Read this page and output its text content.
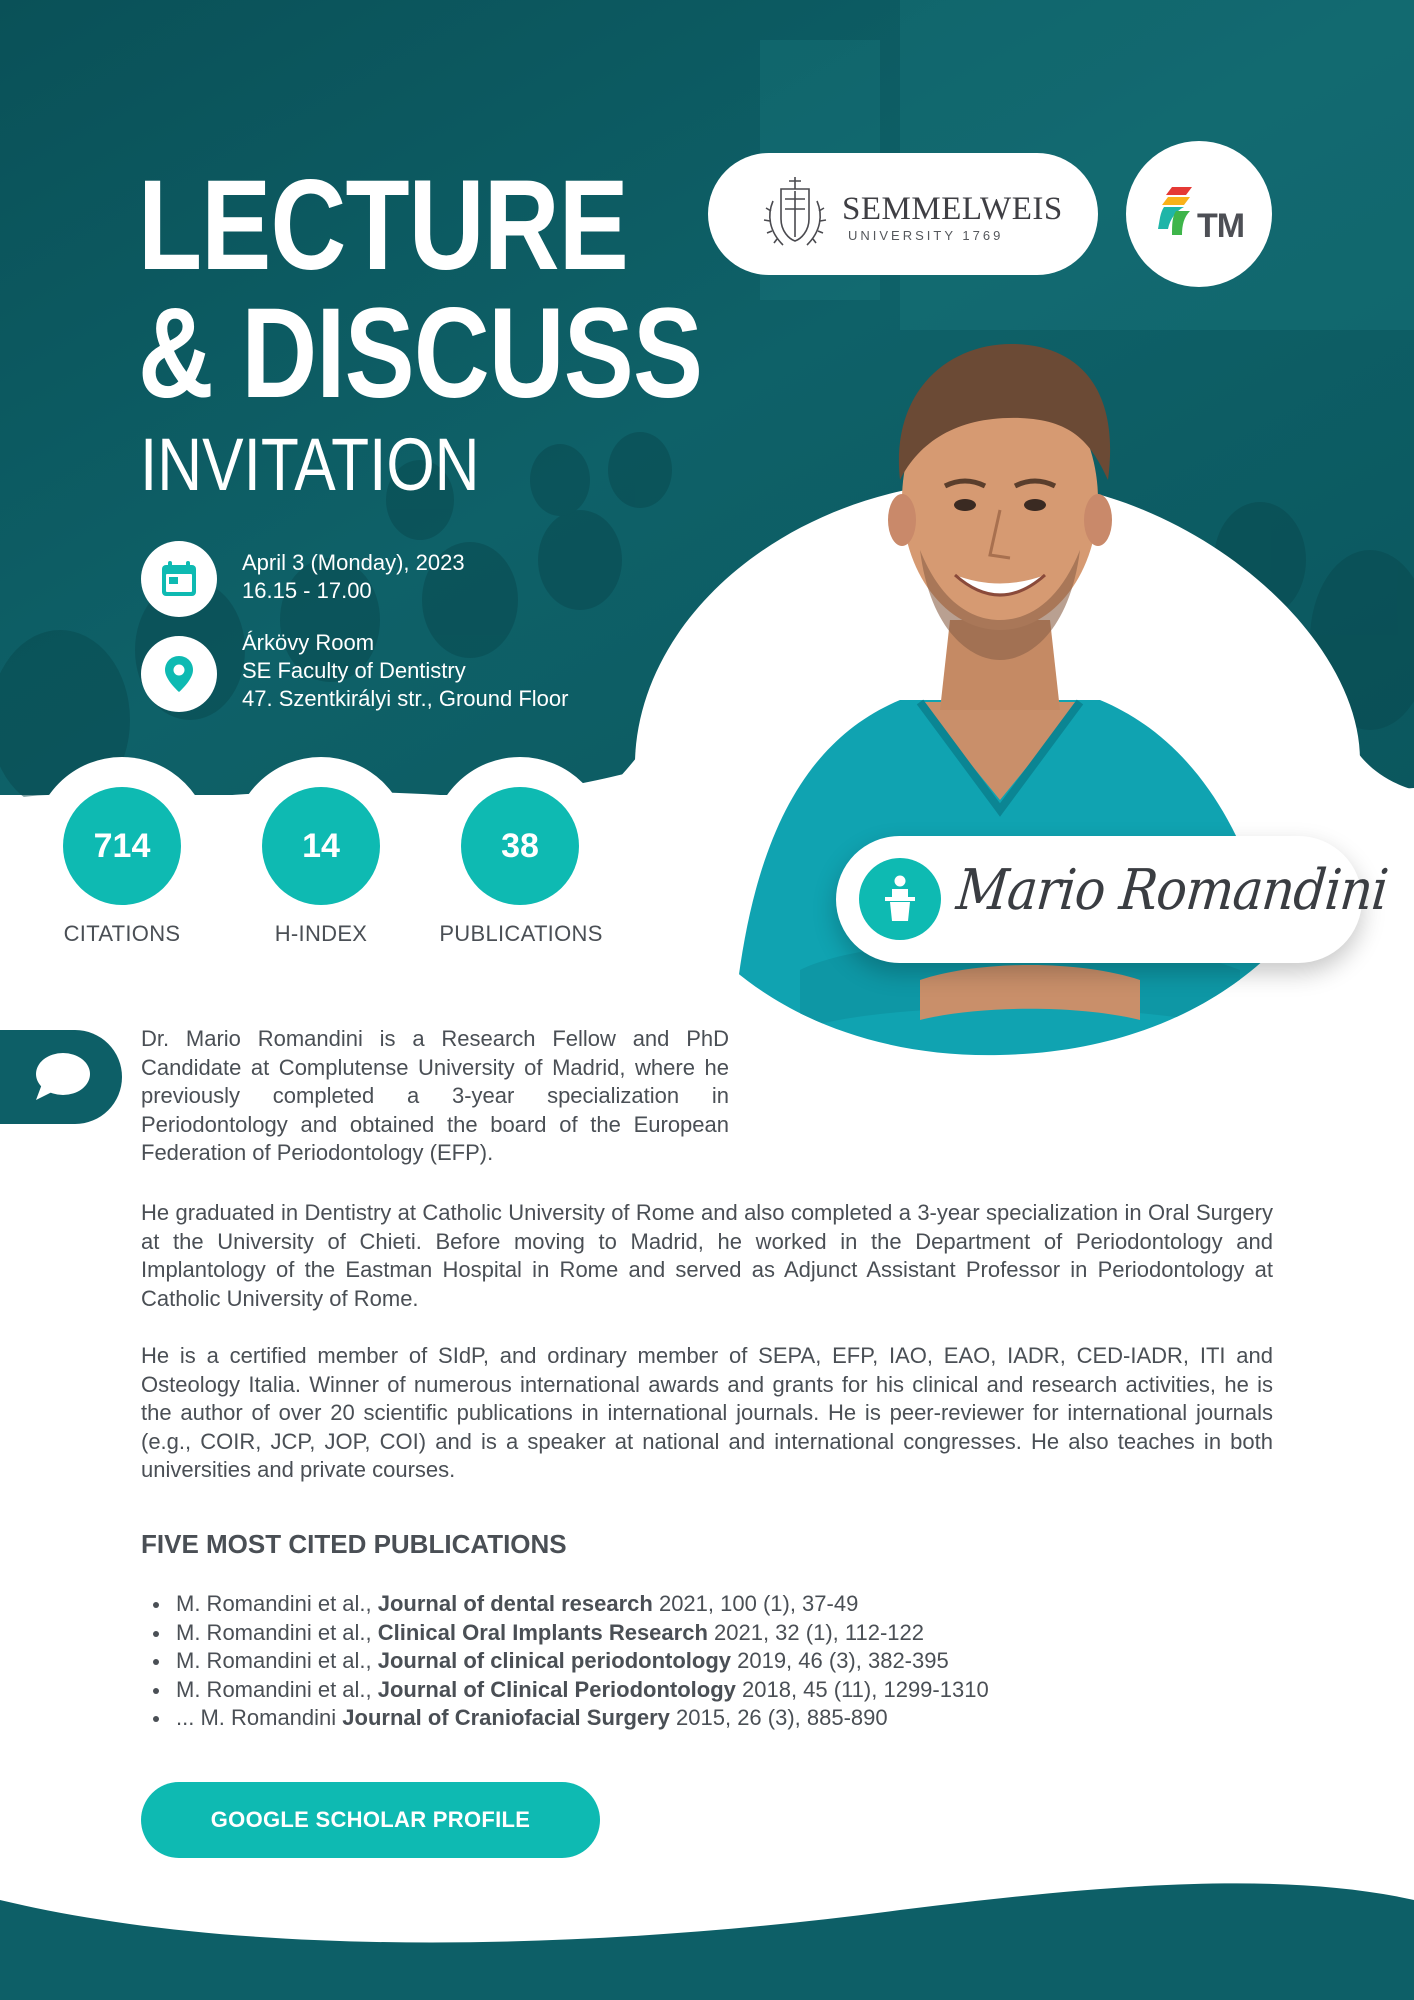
LECTURE
& DISCUSS
INVITATION
SEMMELWEIS
UNIVERSITY 1769	TM
April 3 (Monday), 2023
16.15 - 17.00
Árkövy Room
SE Faculty of Dentistry
47. Szentkirályi str., Ground Floor
714	14	38
CITATIONS	H-INDEX	PUBLICATIONS
Mario Romandini
Dr. Mario Romandini is a Research Fellow and PhD Candidate at Complutense University of Madrid, where he previously completed a 3-year specialization in Periodontology and obtained the board of the European Federation of Periodontology (EFP).
He graduated in Dentistry at Catholic University of Rome and also completed a 3-year specialization in Oral Surgery at the University of Chieti. Before moving to Madrid, he worked in the Department of Periodontology and Implantology of the Eastman Hospital in Rome and served as Adjunct Assistant Professor in Periodontology at Catholic University of Rome.
He is a certified member of SIdP, and ordinary member of SEPA, EFP, IAO, EAO, IADR, CED-IADR, ITI and Osteology Italia. Winner of numerous international awards and grants for his clinical and research activities, he is the author of over 20 scientific publications in international journals. He is peer-reviewer for international journals (e.g., COIR, JCP, JOP, COI) and is a speaker at national and international congresses. He also teaches in both universities and private courses.
FIVE MOST CITED PUBLICATIONS
M. Romandini et al., Journal of dental research 2021, 100 (1), 37-49
M. Romandini et al., Clinical Oral Implants Research 2021, 32 (1), 112-122
M. Romandini et al., Journal of clinical periodontology 2019, 46 (3), 382-395
M. Romandini et al., Journal of Clinical Periodontology 2018, 45 (11), 1299-1310
... M. Romandini Journal of Craniofacial Surgery 2015, 26 (3), 885-890
GOOGLE SCHOLAR PROFILE
